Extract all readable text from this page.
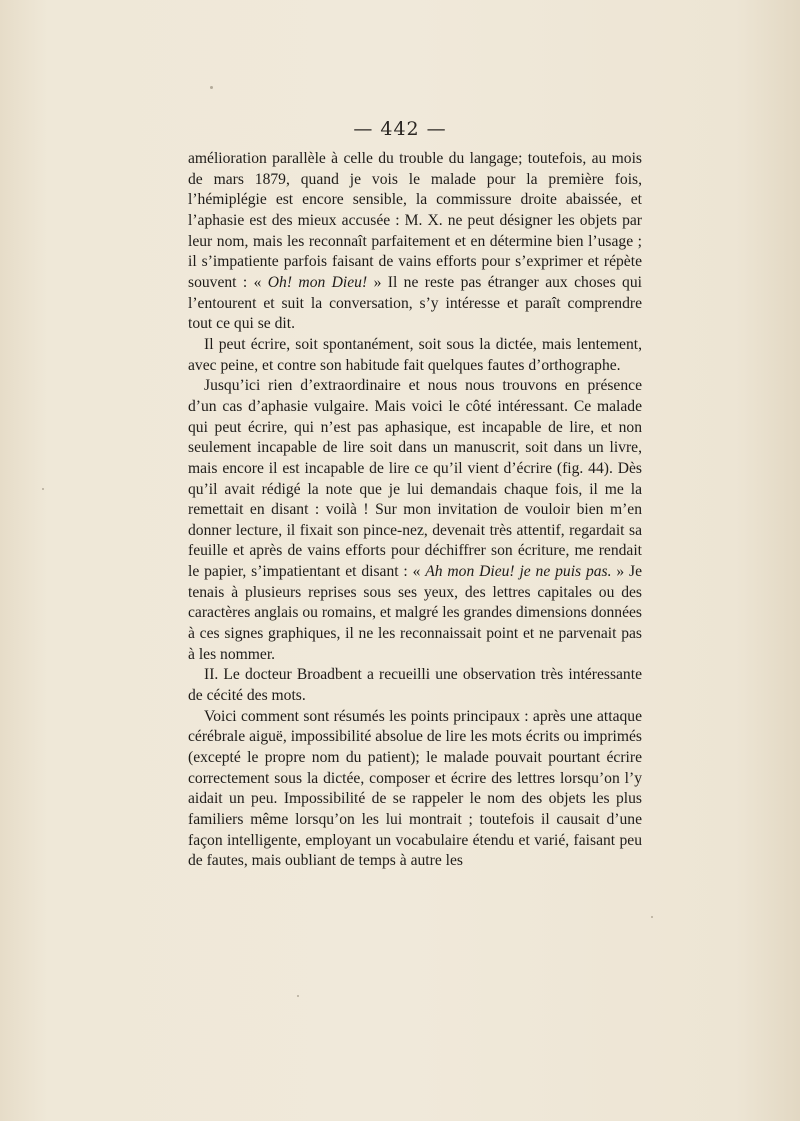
— 442 —

amélioration parallèle à celle du trouble du langage; toutefois, au mois de mars 1879, quand je vois le malade pour la première fois, l’hémiplégie est encore sensible, la commissure droite abaissée, et l’aphasie est des mieux accusée : M. X. ne peut désigner les objets par leur nom, mais les reconnaît parfaitement et en détermine bien l’usage ; il s’impatiente parfois faisant de vains efforts pour s’exprimer et répète souvent : « Oh! mon Dieu! » Il ne reste pas étranger aux choses qui l’entourent et suit la conversation, s’y intéresse et paraît comprendre tout ce qui se dit.

Il peut écrire, soit spontanément, soit sous la dictée, mais lentement, avec peine, et contre son habitude fait quelques fautes d’orthographe.

Jusqu’ici rien d’extraordinaire et nous nous trouvons en présence d’un cas d’aphasie vulgaire. Mais voici le côté intéressant. Ce malade qui peut écrire, qui n’est pas aphasique, est incapable de lire, et non seulement incapable de lire soit dans un manuscrit, soit dans un livre, mais encore il est incapable de lire ce qu’il vient d’écrire (fig. 44). Dès qu’il avait rédigé la note que je lui demandais chaque fois, il me la remettait en disant : voilà ! Sur mon invitation de vouloir bien m’en donner lecture, il fixait son pince-nez, devenait très attentif, regardait sa feuille et après de vains efforts pour déchiffrer son écriture, me rendait le papier, s’impatientant et disant : « Ah mon Dieu! je ne puis pas. » Je tenais à plusieurs reprises sous ses yeux, des lettres capitales ou des caractères anglais ou romains, et malgré les grandes dimensions données à ces signes graphiques, il ne les reconnaissait point et ne parvenait pas à les nommer.

II. Le docteur Broadbent a recueilli une observation très intéressante de cécité des mots.

Voici comment sont résumés les points principaux : après une attaque cérébrale aiguë, impossibilité absolue de lire les mots écrits ou imprimés (excepté le propre nom du patient); le malade pouvait pourtant écrire correctement sous la dictée, composer et écrire des lettres lorsqu’on l’y aidait un peu. Impossibilité de se rappeler le nom des objets les plus familiers même lorsqu’on les lui montrait ; toutefois il causait d’une façon intelligente, employant un vocabulaire étendu et varié, faisant peu de fautes, mais oubliant de temps à autre les
